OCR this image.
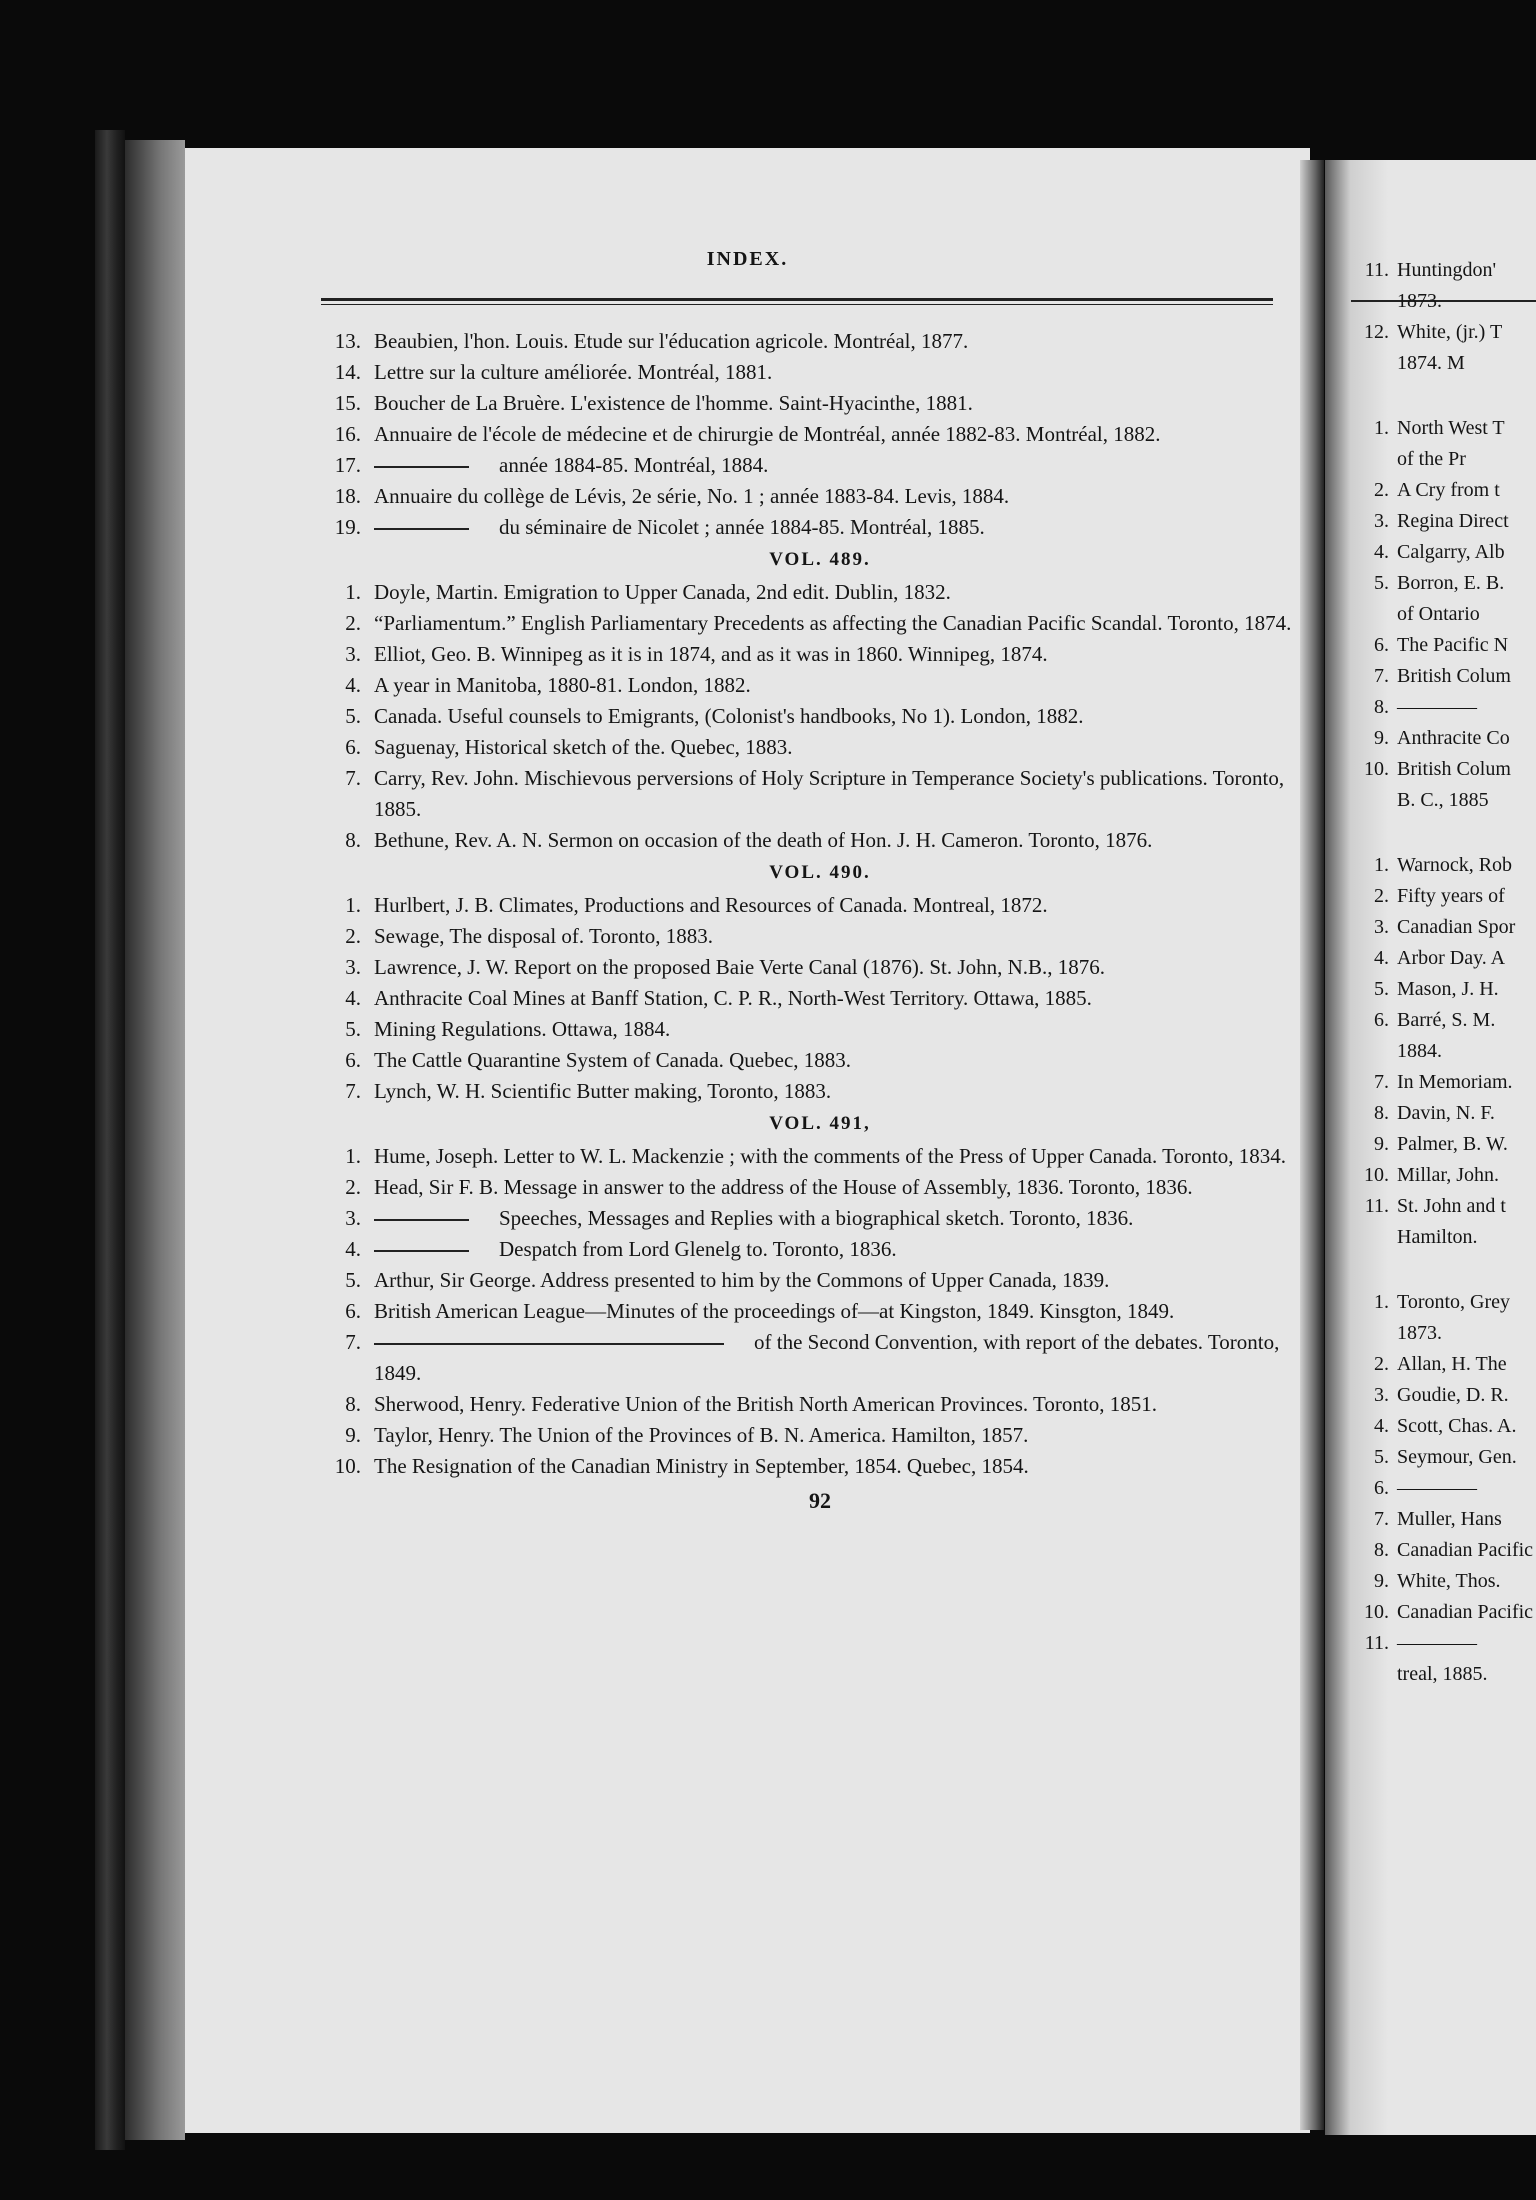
INDEX.
13. Beaubien, l'hon. Louis. Etude sur l'éducation agricole. Montréal, 1877.
14. Lettre sur la culture améliorée. Montréal, 1881.
15. Boucher de La Bruère. L'existence de l'homme. Saint-Hyacinthe, 1881.
16. Annuaire de l'école de médecine et de chirurgie de Montréal, année 1882-83. Montréal, 1882.
17.	année 1884-85. Montréal, 1884.
18. Annuaire du collège de Lévis, 2e série, No. 1 ; année 1883-84. Levis, 1884.
19.	du séminaire de Nicolet ; année 1884-85. Montréal, 1885.
VOL. 489.
1. Doyle, Martin. Emigration to Upper Canada, 2nd edit. Dublin, 1832.
2. “Parliamentum.” English Parliamentary Precedents as affecting the Canadian Pacific Scandal. Toronto, 1874.
3. Elliot, Geo. B. Winnipeg as it is in 1874, and as it was in 1860. Winnipeg, 1874.
4. A year in Manitoba, 1880-81. London, 1882.
5. Canada. Useful counsels to Emigrants, (Colonist's handbooks, No 1). London, 1882.
6. Saguenay, Historical sketch of the. Quebec, 1883.
7. Carry, Rev. John. Mischievous perversions of Holy Scripture in Temperance Society's publications. Toronto, 1885.
8. Bethune, Rev. A. N. Sermon on occasion of the death of Hon. J. H. Cameron. Toronto, 1876.
VOL. 490.
1. Hurlbert, J. B. Climates, Productions and Resources of Canada. Montreal, 1872.
2. Sewage, The disposal of. Toronto, 1883.
3. Lawrence, J. W. Report on the proposed Baie Verte Canal (1876). St. John, N.B., 1876.
4. Anthracite Coal Mines at Banff Station, C. P. R., North-West Territory. Ottawa, 1885.
5. Mining Regulations. Ottawa, 1884.
6. The Cattle Quarantine System of Canada. Quebec, 1883.
7. Lynch, W. H. Scientific Butter making, Toronto, 1883.
VOL. 491,
1. Hume, Joseph. Letter to W. L. Mackenzie ; with the comments of the Press of Upper Canada. Toronto, 1834.
2. Head, Sir F. B. Message in answer to the address of the House of Assembly, 1836. Toronto, 1836.
3.	Speeches, Messages and Replies with a biographical sketch. Toronto, 1836.
4.	Despatch from Lord Glenelg to. Toronto, 1836.
5. Arthur, Sir George. Address presented to him by the Commons of Upper Canada, 1839.
6. British American League—Minutes of the proceedings of—at Kingston, 1849. Kinsgton, 1849.
7.	of the Second Convention, with report of the debates. Toronto, 1849.
8. Sherwood, Henry. Federative Union of the British North American Provinces. Toronto, 1851.
9. Taylor, Henry. The Union of the Provinces of B. N. America. Hamilton, 1857.
10. The Resignation of the Canadian Ministry in September, 1854. Quebec, 1854.
92
11. Huntingdon'
1873.
12. White, (jr.) T
1874. M
1. North West T
of the Pr
2. A Cry from t
3. Regina Direct
4. Calgarry, Alb
5. Borron, E. B.
of Ontario
6. The Pacific N
7. British Colum
8. ————
9. Anthracite Co
10. British Colum
B. C., 1885
1. Warnock, Rob
2. Fifty years of
3. Canadian Spor
4. Arbor Day. A
5. Mason, J. H.
6. Barré, S. M.
1884.
7. In Memoriam.
8. Davin, N. F.
9. Palmer, B. W.
10. Millar, John.
11. St. John and t
Hamilton.
1. Toronto, Grey
1873.
2. Allan, H. The
3. Goudie, D. R.
4. Scott, Chas. A.
5. Seymour, Gen.
6. ————
7. Muller, Hans
8. Canadian Pacific
9. White, Thos.
10. Canadian Pacific
11. ————
treal, 1885.
